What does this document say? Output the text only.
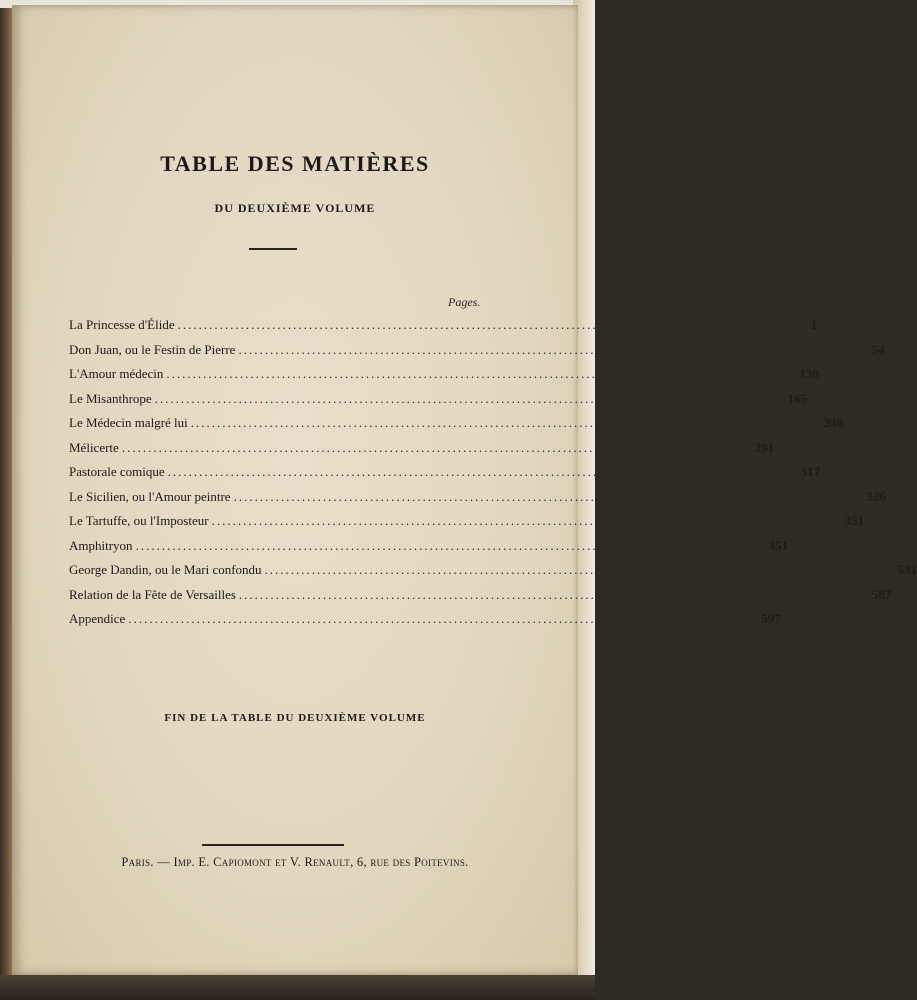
TABLE DES MATIÈRES
DU DEUXIÈME VOLUME
Pages.
La Princesse d'Élide ........................................................................................................................ 1
Don Juan, ou le Festin de Pierre ........................................................................................................................ 54
L'Amour médecin ........................................................................................................................ 130
Le Misanthrope ........................................................................................................................ 165
Le Médecin malgré lui ........................................................................................................................ 240
Mélicerte ........................................................................................................................ 291
Pastorale comique ........................................................................................................................ 317
Le Sicilien, ou l'Amour peintre ........................................................................................................................ 326
Le Tartuffe, ou l'Imposteur ........................................................................................................................ 351
Amphitryon ........................................................................................................................ 451
George Dandin, ou le Mari confondu ........................................................................................................................ 531
Relation de la Fête de Versailles ........................................................................................................................ 587
Appendice ........................................................................................................................ 597
FIN DE LA TABLE DU DEUXIÈME VOLUME
Paris. — Imp. E. Capiomont et V. Renault, 6, rue des Poitevins.
